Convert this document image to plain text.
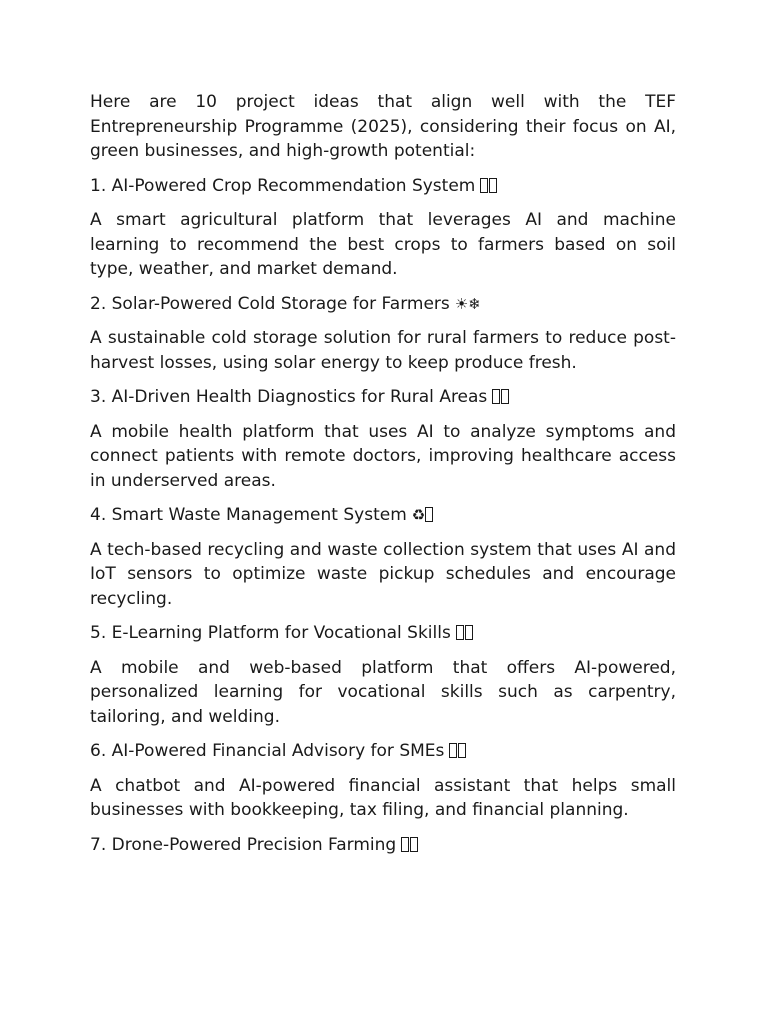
Here are 10 project ideas that align well with the TEF Entrepreneurship Programme (2025), considering their focus on AI, green businesses, and high-growth potential:

1. AI-Powered Crop Recommendation System

A smart agricultural platform that leverages AI and machine learning to recommend the best crops to farmers based on soil type, weather, and market demand.

2. Solar-Powered Cold Storage for Farmers ☀❄

A sustainable cold storage solution for rural farmers to reduce post-harvest losses, using solar energy to keep produce fresh.

3. AI-Driven Health Diagnostics for Rural Areas

A mobile health platform that uses AI to analyze symptoms and connect patients with remote doctors, improving healthcare access in underserved areas.

4. Smart Waste Management System ♻

A tech-based recycling and waste collection system that uses AI and IoT sensors to optimize waste pickup schedules and encourage recycling.

5. E-Learning Platform for Vocational Skills

A mobile and web-based platform that offers AI-powered, personalized learning for vocational skills such as carpentry, tailoring, and welding.

6. AI-Powered Financial Advisory for SMEs

A chatbot and AI-powered financial assistant that helps small businesses with bookkeeping, tax filing, and financial planning.

7. Drone-Powered Precision Farming
